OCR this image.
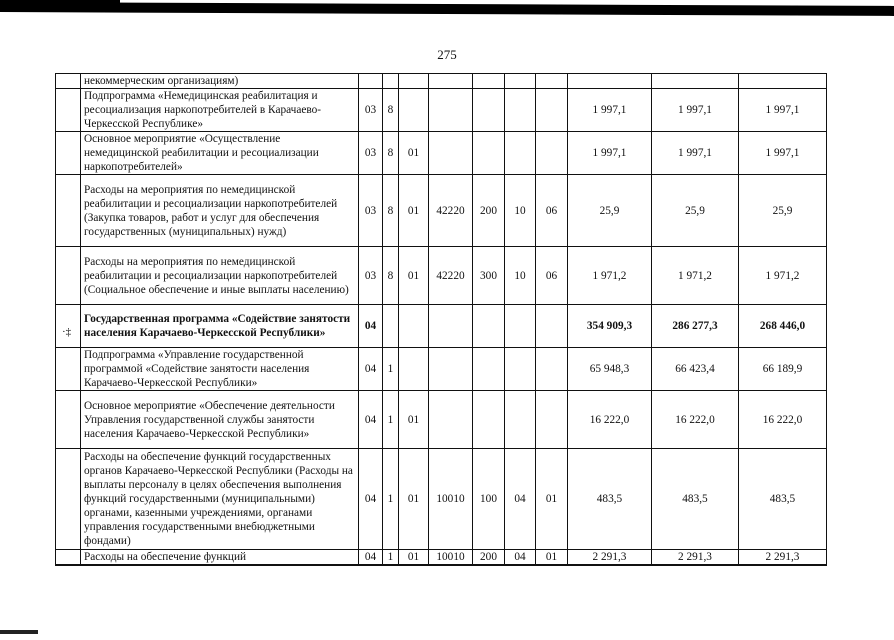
275
·‡
	некоммерческим организациям)										
	Подпрограмма «Немедицинская реабилитация и ресоциализация наркопотребителей в Карачаево-Черкесской Республике»	03	8						1 997,1	1 997,1	1 997,1
	Основное мероприятие «Осуществление немедицинской реабилитации и ресоциализации наркопотребителей»	03	8	01					1 997,1	1 997,1	1 997,1
	Расходы на мероприятия по немедицинской реабилитации и ресоциализации наркопотребителей (Закупка товаров, работ и услуг для обеспечения государственных (муниципальных) нужд)	03	8	01	42220	200	10	06	25,9	25,9	25,9
	Расходы на мероприятия по немедицинской реабилитации и ресоциализации наркопотребителей (Социальное обеспечение и иные выплаты населению)	03	8	01	42220	300	10	06	1 971,2	1 971,2	1 971,2
	Государственная программа «Содействие занятости населения Карачаево-Черкесской Республики»	04							354 909,3	286 277,3	268 446,0
	Подпрограмма «Управление государственной программой «Содействие занятости населения Карачаево-Черкесской Республики»	04	1						65 948,3	66 423,4	66 189,9
	Основное мероприятие «Обеспечение деятельности Управления государственной службы занятости населения Карачаево-Черкесской Республики»	04	1	01					16 222,0	16 222,0	16 222,0
	Расходы на обеспечение функций государственных органов Карачаево-Черкесской Республики (Расходы на выплаты персоналу в целях обеспечения выполнения функций государственными (муниципальными) органами, казенными учреждениями, органами управления государственными внебюджетными фондами)	04	1	01	10010	100	04	01	483,5	483,5	483,5
	Расходы на обеспечение функций	04	1	01	10010	200	04	01	2 291,3	2 291,3	2 291,3
